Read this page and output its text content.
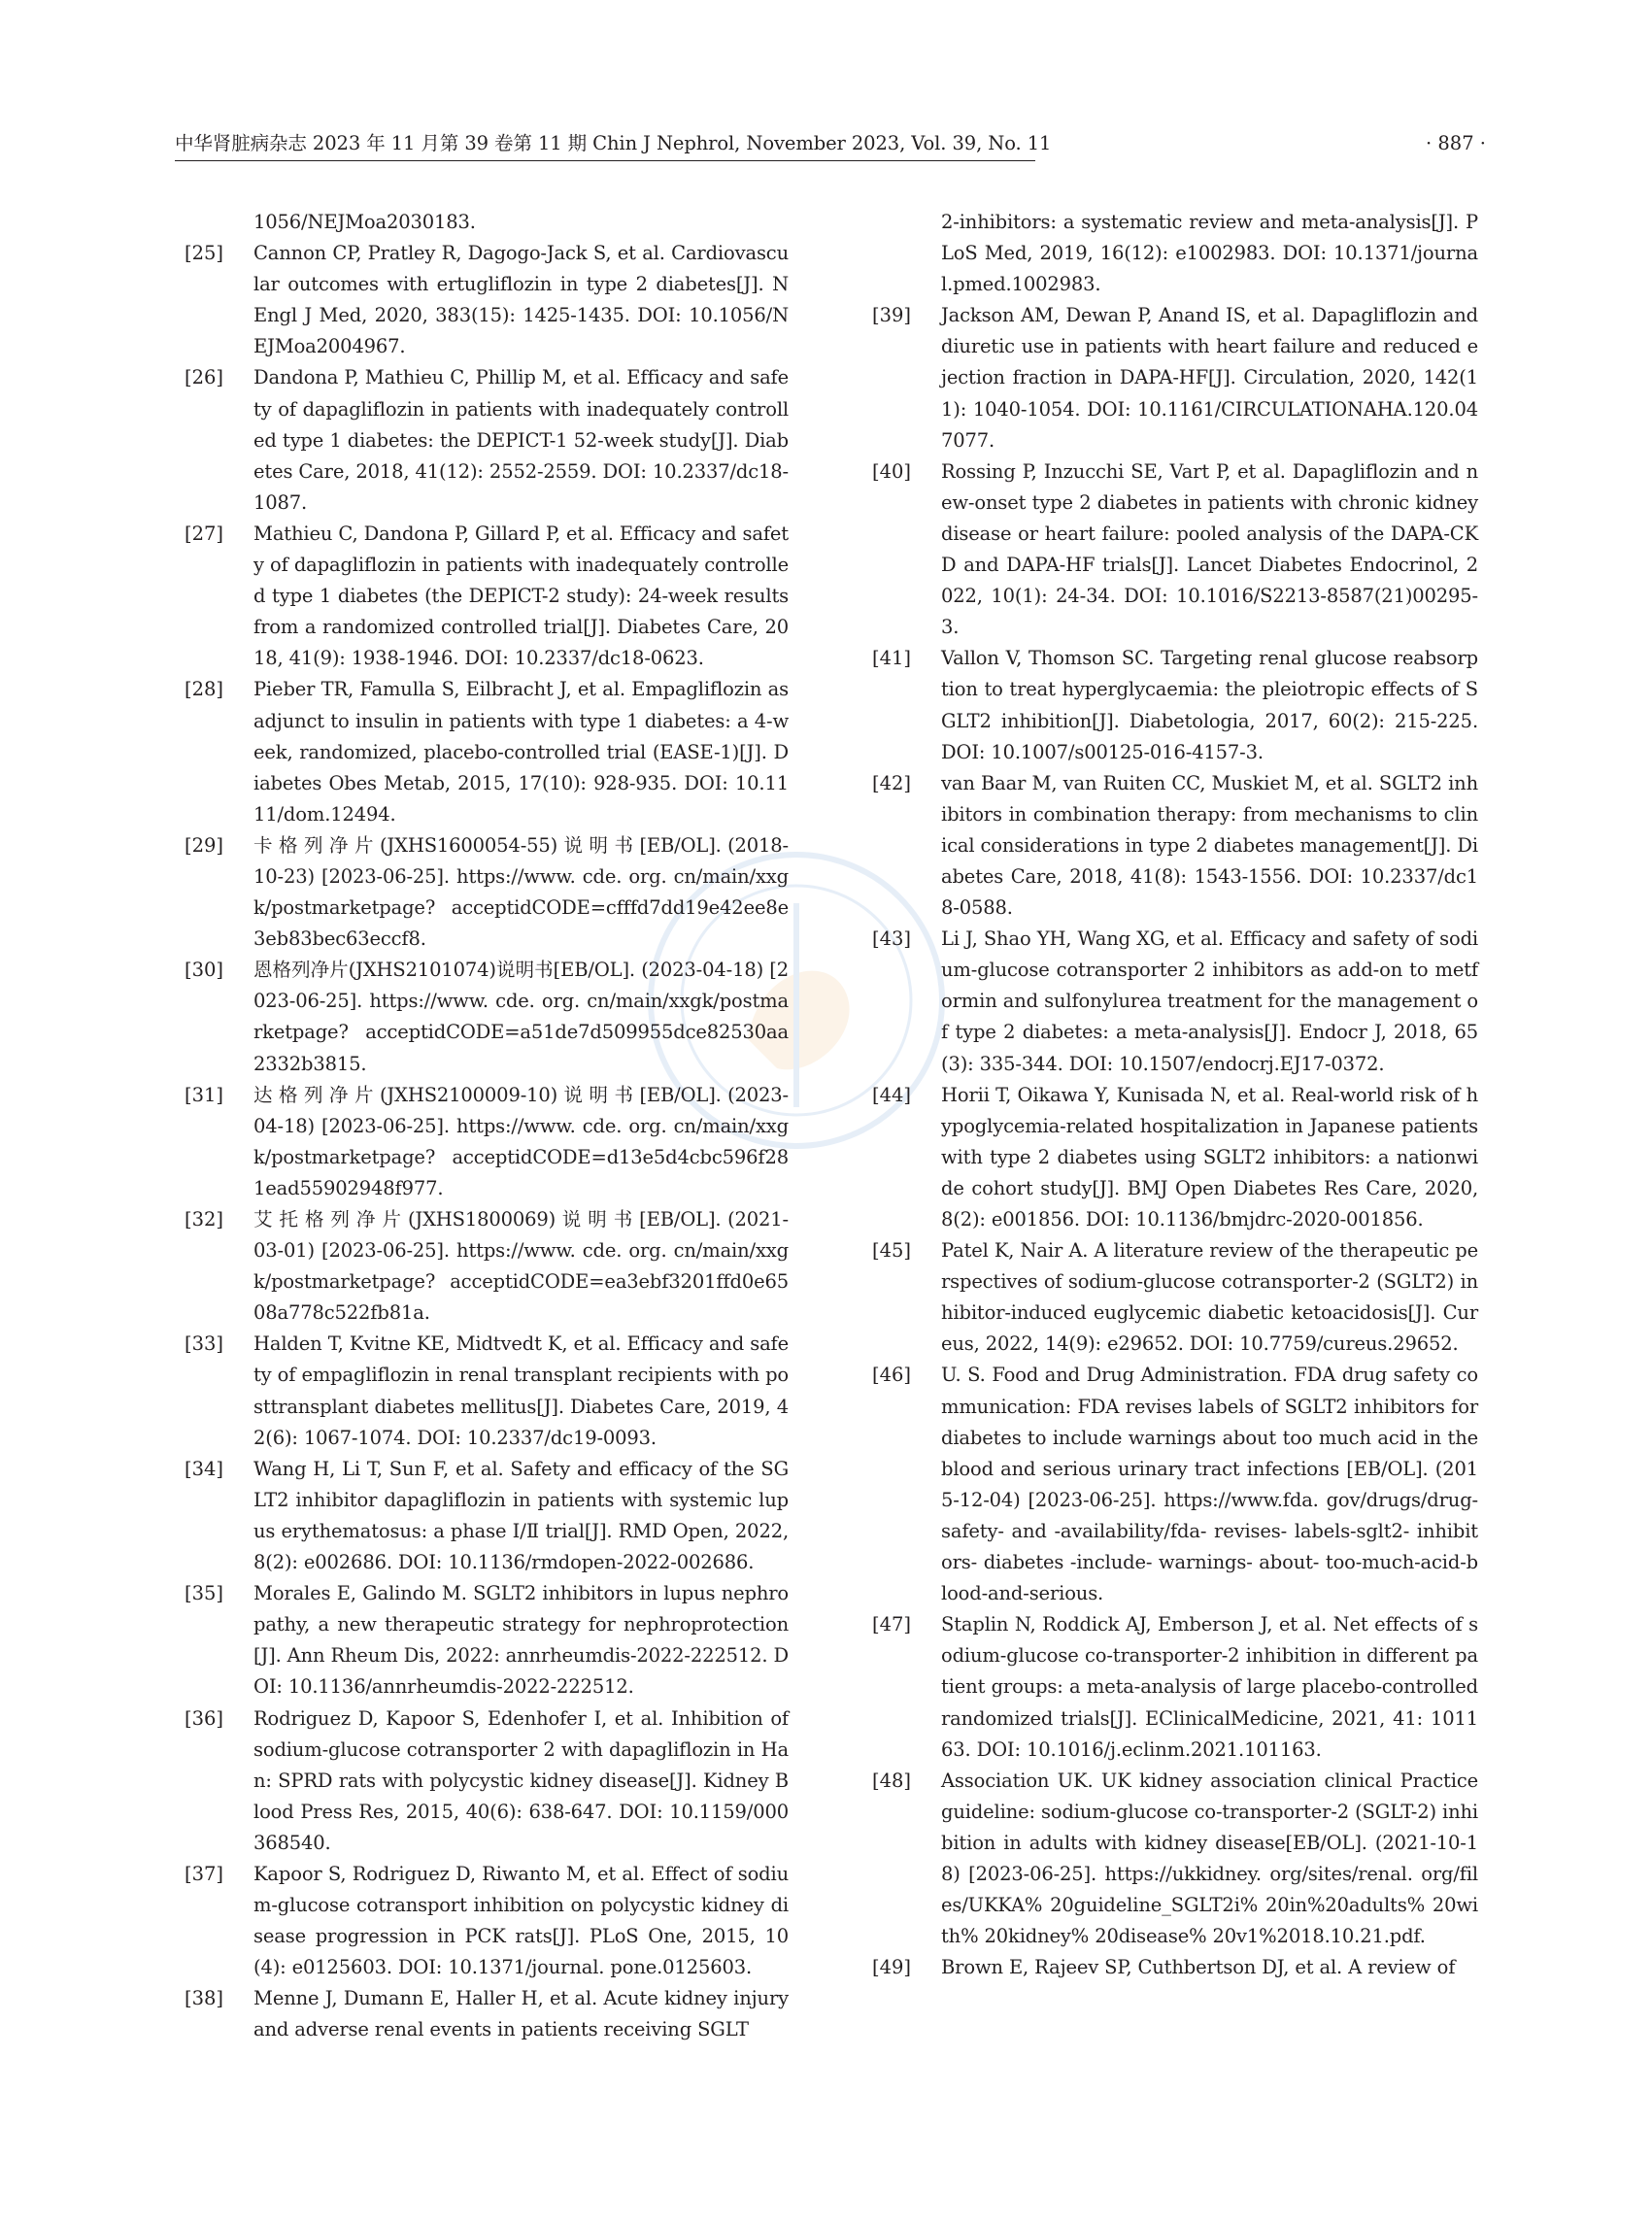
中华肾脏病杂志 2023 年 11 月第 39 卷第 11 期 Chin J Nephrol, November 2023, Vol. 39, No. 11	· 887 ·

1056/NEJMoa2030183.

[25] Cannon CP, Pratley R, Dagogo-Jack S, et al. Cardiovascular outcomes with ertugliflozin in type 2 diabetes[J]. N Engl J Med, 2020, 383(15): 1425-1435. DOI: 10.1056/NEJMoa2004967.

[26] Dandona P, Mathieu C, Phillip M, et al. Efficacy and safety of dapagliflozin in patients with inadequately controlled type 1 diabetes: the DEPICT-1 52-week study[J]. Diabetes Care, 2018, 41(12): 2552-2559. DOI: 10.2337/dc18-1087.

[27] Mathieu C, Dandona P, Gillard P, et al. Efficacy and safety of dapagliflozin in patients with inadequately controlled type 1 diabetes (the DEPICT-2 study): 24-week results from a randomized controlled trial[J]. Diabetes Care, 2018, 41(9): 1938-1946. DOI: 10.2337/dc18-0623.

[28] Pieber TR, Famulla S, Eilbracht J, et al. Empagliflozin as adjunct to insulin in patients with type 1 diabetes: a 4-week, randomized, placebo-controlled trial (EASE-1)[J]. Diabetes Obes Metab, 2015, 17(10): 928-935. DOI: 10.1111/dom.12494.

[29] 卡 格 列 净 片 (JXHS1600054-55) 说 明 书 [EB/OL]. (2018-10-23) [2023-06-25]. https://www. cde. org. cn/main/xxgk/postmarketpage? acceptidCODE=cfffd7dd19e42ee8e3eb83bec63eccf8.

[30] 恩格列净片(JXHS2101074)说明书[EB/OL]. (2023-04-18) [2023-06-25]. https://www. cde. org. cn/main/xxgk/postmarketpage? acceptidCODE=a51de7d509955dce82530aa2332b3815.

[31] 达 格 列 净 片 (JXHS2100009-10) 说 明 书 [EB/OL]. (2023-04-18) [2023-06-25]. https://www. cde. org. cn/main/xxgk/postmarketpage? acceptidCODE=d13e5d4cbc596f281ead55902948f977.

[32] 艾 托 格 列 净 片 (JXHS1800069) 说 明 书 [EB/OL]. (2021-03-01) [2023-06-25]. https://www. cde. org. cn/main/xxgk/postmarketpage? acceptidCODE=ea3ebf3201ffd0e6508a778c522fb81a.

[33] Halden T, Kvitne KE, Midtvedt K, et al. Efficacy and safety of empagliflozin in renal transplant recipients with posttransplant diabetes mellitus[J]. Diabetes Care, 2019, 42(6): 1067-1074. DOI: 10.2337/dc19-0093.

[34] Wang H, Li T, Sun F, et al. Safety and efficacy of the SGLT2 inhibitor dapagliflozin in patients with systemic lupus erythematosus: a phase Ⅰ/Ⅱ trial[J]. RMD Open, 2022, 8(2): e002686. DOI: 10.1136/rmdopen-2022-002686.

[35] Morales E, Galindo M. SGLT2 inhibitors in lupus nephropathy, a new therapeutic strategy for nephroprotection[J]. Ann Rheum Dis, 2022: annrheumdis-2022-222512. DOI: 10.1136/annrheumdis-2022-222512.

[36] Rodriguez D, Kapoor S, Edenhofer I, et al. Inhibition of sodium-glucose cotransporter 2 with dapagliflozin in Han: SPRD rats with polycystic kidney disease[J]. Kidney Blood Press Res, 2015, 40(6): 638-647. DOI: 10.1159/000368540.

[37] Kapoor S, Rodriguez D, Riwanto M, et al. Effect of sodium-glucose cotransport inhibition on polycystic kidney disease progression in PCK rats[J]. PLoS One, 2015, 10(4): e0125603. DOI: 10.1371/journal. pone.0125603.

[38] Menne J, Dumann E, Haller H, et al. Acute kidney injury and adverse renal events in patients receiving SGLT

2-inhibitors: a systematic review and meta-analysis[J]. PLoS Med, 2019, 16(12): e1002983. DOI: 10.1371/journal.pmed.1002983.

[39] Jackson AM, Dewan P, Anand IS, et al. Dapagliflozin and diuretic use in patients with heart failure and reduced ejection fraction in DAPA-HF[J]. Circulation, 2020, 142(11): 1040-1054. DOI: 10.1161/CIRCULATIONAHA.120.047077.

[40] Rossing P, Inzucchi SE, Vart P, et al. Dapagliflozin and new-onset type 2 diabetes in patients with chronic kidney disease or heart failure: pooled analysis of the DAPA-CKD and DAPA-HF trials[J]. Lancet Diabetes Endocrinol, 2022, 10(1): 24-34. DOI: 10.1016/S2213-8587(21)00295-3.

[41] Vallon V, Thomson SC. Targeting renal glucose reabsorption to treat hyperglycaemia: the pleiotropic effects of SGLT2 inhibition[J]. Diabetologia, 2017, 60(2): 215-225. DOI: 10.1007/s00125-016-4157-3.

[42] van Baar M, van Ruiten CC, Muskiet M, et al. SGLT2 inhibitors in combination therapy: from mechanisms to clinical considerations in type 2 diabetes management[J]. Diabetes Care, 2018, 41(8): 1543-1556. DOI: 10.2337/dc18-0588.

[43] Li J, Shao YH, Wang XG, et al. Efficacy and safety of sodium-glucose cotransporter 2 inhibitors as add-on to metformin and sulfonylurea treatment for the management of type 2 diabetes: a meta-analysis[J]. Endocr J, 2018, 65(3): 335-344. DOI: 10.1507/endocrj.EJ17-0372.

[44] Horii T, Oikawa Y, Kunisada N, et al. Real-world risk of hypoglycemia-related hospitalization in Japanese patients with type 2 diabetes using SGLT2 inhibitors: a nationwide cohort study[J]. BMJ Open Diabetes Res Care, 2020, 8(2): e001856. DOI: 10.1136/bmjdrc-2020-001856.

[45] Patel K, Nair A. A literature review of the therapeutic perspectives of sodium-glucose cotransporter-2 (SGLT2) inhibitor-induced euglycemic diabetic ketoacidosis[J]. Cureus, 2022, 14(9): e29652. DOI: 10.7759/cureus.29652.

[46] U. S. Food and Drug Administration. FDA drug safety communication: FDA revises labels of SGLT2 inhibitors for diabetes to include warnings about too much acid in the blood and serious urinary tract infections [EB/OL]. (2015-12-04) [2023-06-25]. https://www.fda. gov/drugs/drug- safety- and -availability/fda- revises- labels-sglt2- inhibitors- diabetes -include- warnings- about- too-much-acid-blood-and-serious.

[47] Staplin N, Roddick AJ, Emberson J, et al. Net effects of sodium-glucose co-transporter-2 inhibition in different patient groups: a meta-analysis of large placebo-controlled randomized trials[J]. EClinicalMedicine, 2021, 41: 101163. DOI: 10.1016/j.eclinm.2021.101163.

[48] Association UK. UK kidney association clinical Practice guideline: sodium-glucose co-transporter-2 (SGLT-2) inhibition in adults with kidney disease[EB/OL]. (2021-10-18) [2023-06-25]. https://ukkidney. org/sites/renal. org/files/UKKA% 20guideline_SGLT2i% 20in%20adults% 20with% 20kidney% 20disease% 20v1%2018.10.21.pdf.

[49] Brown E, Rajeev SP, Cuthbertson DJ, et al. A review of
